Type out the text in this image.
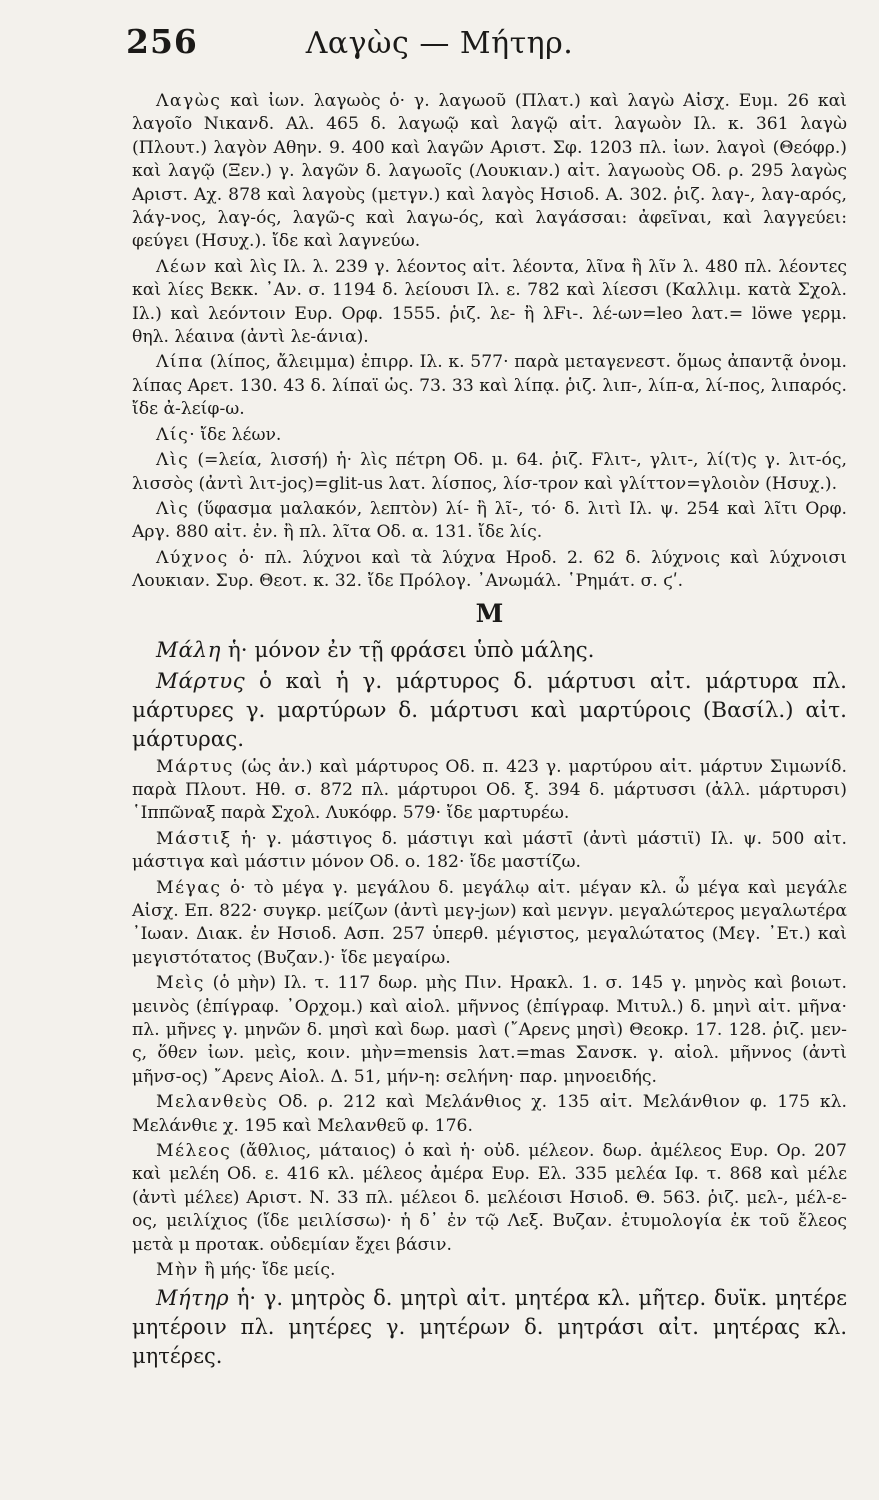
256	Λαγὼς — Μήτηρ.

Λαγὼς καὶ ἰων. λαγωὸς ὁ· γ. λαγωοῦ (Πλατ.) καὶ λαγὼ Αἰσχ. Ευμ. 26 καὶ λαγοῖο Νικανδ. Αλ. 465 δ. λαγωῷ καὶ λαγῷ αἰτ. λαγωὸν Ιλ. κ. 361 λαγὼ (Πλουτ.) λαγὸν Αθην. 9. 400 καὶ λαγῶν Αριστ. Σφ. 1203 πλ. ἰων. λαγοὶ (Θεόφρ.) καὶ λαγῷ (Ξεν.) γ. λαγῶν δ. λαγωοῖς (Λουκιαν.) αἰτ. λαγωοὺς Οδ. ρ. 295 λαγὼς Αριστ. Αχ. 878 καὶ λαγοὺς (μετγν.) καὶ λαγὸς Ησιοδ. Α. 302. ῥιζ. λαγ-, λαγ-αρός, λάγ-νος, λαγ-ός, λαγῶ-ς καὶ λαγω-ός, καὶ λαγάσσαι: ἀφεῖναι, καὶ λαγγεύει: φεύγει (Ησυχ.). ἴδε καὶ λαγνεύω.

Λέων καὶ λὶς Ιλ. λ. 239 γ. λέοντος αἰτ. λέοντα, λῖνα ἢ λῖν λ. 480 πλ. λέοντες καὶ λίες Βεκκ. ᾿Αν. σ. 1194 δ. λείουσι Ιλ. ε. 782 καὶ λίεσσι (Καλλιμ. κατὰ Σχολ. Ιλ.) καὶ λεόντοιν Ευρ. Ορφ. 1555. ῥιζ. λε- ἢ λFι-. λέ-ων=leo λατ.= löwe γερμ. θηλ. λέαινα (ἀντὶ λε-άνια).

Λίπα (λίπος, ἄλειμμα) ἐπιρρ. Ιλ. κ. 577· παρὰ μεταγενεστ. ὅμως ἀπαντᾷ ὀνομ. λίπας Αρετ. 130. 43 δ. λίπαϊ ὡς. 73. 33 καὶ λίπᾳ. ῥιζ. λιπ-, λίπ-α, λί-πος, λιπαρός. ἴδε ἀ-λείφ-ω.

Λίς· ἴδε λέων.

Λὶς (=λεία, λισσή) ἡ· λὶς πέτρη Οδ. μ. 64. ῥιζ. Fλιτ-, γλιτ-, λί(τ)ς γ. λιτ-ός, λισσὸς (ἀντὶ λιτ-jος)=glit-us λατ. λίσπος, λίσ-τρον καὶ γλίττον=γλοιὸν (Ησυχ.).

Λὶς (ὕφασμα μαλακόν, λεπτὸν) λί- ἢ λῖ-, τό· δ. λιτὶ Ιλ. ψ. 254 καὶ λῖτι Ορφ. Αργ. 880 αἰτ. ἐν. ἢ πλ. λῖτα Οδ. α. 131. ἴδε λίς.

Λύχνος ὁ· πλ. λύχνοι καὶ τὰ λύχνα Ηροδ. 2. 62 δ. λύχνοις καὶ λύχνοισι Λουκιαν. Συρ. Θεοτ. κ. 32. ἴδε Πρόλογ. ᾿Ανωμάλ. ῾Ρημάτ. σ. ϛʹ.

Μ

Μάλη ἡ· μόνον ἐν τῇ φράσει ὑπὸ μάλης.

Μάρτυς ὁ καὶ ἡ γ. μάρτυρος δ. μάρτυσι αἰτ. μάρτυρα πλ. μάρτυρες γ. μαρτύρων δ. μάρτυσι καὶ μαρτύροις (Βασίλ.) αἰτ. μάρτυρας.

Μάρτυς (ὡς ἀν.) καὶ μάρτυρος Οδ. π. 423 γ. μαρτύρου αἰτ. μάρτυν Σιμωνίδ. παρὰ Πλουτ. Ηθ. σ. 872 πλ. μάρτυροι Οδ. ξ. 394 δ. μάρτυσσι (ἀλλ. μάρτυρσι) ῾Ιππῶναξ παρὰ Σχολ. Λυκόφρ. 579· ἴδε μαρτυρέω.

Μάστιξ ἡ· γ. μάστιγος δ. μάστιγι καὶ μάστῑ (ἀντὶ μάστιϊ) Ιλ. ψ. 500 αἰτ. μάστιγα καὶ μάστιν μόνον Οδ. ο. 182· ἴδε μαστίζω.

Μέγας ὁ· τὸ μέγα γ. μεγάλου δ. μεγάλῳ αἰτ. μέγαν κλ. ὦ μέγα καὶ μεγάλε Αἰσχ. Επ. 822· συγκρ. μείζων (ἀντὶ μεγ-jων) καὶ μενγν. μεγαλώτερος μεγαλωτέρα ᾿Ιωαν. Διακ. ἐν Ησιοδ. Ασπ. 257 ὑπερθ. μέγιστος, μεγαλώτατος (Μεγ. ᾿Ετ.) καὶ μεγιστότατος (Βυζαν.)· ἴδε μεγαίρω.

Μεὶς (ὁ μὴν) Ιλ. τ. 117 δωρ. μὴς Πιν. Ηρακλ. 1. σ. 145 γ. μηνὸς καὶ βοιωτ. μεινὸς (ἐπίγραφ. ᾿Ορχομ.) καὶ αἰολ. μῆννος (ἐπίγραφ. Μιτυλ.) δ. μηνὶ αἰτ. μῆνα· πλ. μῆνες γ. μηνῶν δ. μησὶ καὶ δωρ. μασὶ (῎Αρενς μησὶ) Θεοκρ. 17. 128. ῥιζ. μεν-ς, ὅθεν ἰων. μεὶς, κοιν. μὴν=mensis λατ.=mas Σανσκ. γ. αἰολ. μῆννος (ἀντὶ μῆνσ-ος) ῎Αρενς Αἰολ. Δ. 51, μήν-η: σελήνη· παρ. μηνοειδής.

Μελανθεὺς Οδ. ρ. 212 καὶ Μελάνθιος χ. 135 αἰτ. Μελάνθιον φ. 175 κλ. Μελάνθιε χ. 195 καὶ Μελανθεῦ φ. 176.

Μέλεος (ἄθλιος, μάταιος) ὁ καὶ ἡ· οὐδ. μέλεον. δωρ. ἀμέλεος Ευρ. Ορ. 207 καὶ μελέη Οδ. ε. 416 κλ. μέλεος ἀμέρα Ευρ. Ελ. 335 μελέα Ιφ. τ. 868 καὶ μέλε (ἀντὶ μέλεε) Αριστ. Ν. 33 πλ. μέλεοι δ. μελέοισι Ησιοδ. Θ. 563. ῥιζ. μελ-, μέλ-ε-ος, μειλίχιος (ἴδε μειλίσσω)· ἡ δ᾿ ἐν τῷ Λεξ. Βυζαν. ἐτυμολογία ἐκ τοῦ ἔλεος μετὰ μ προτακ. οὐδεμίαν ἔχει βάσιν.

Μὴν ἢ μής· ἴδε μείς.

Μήτηρ ἡ· γ. μητρὸς δ. μητρὶ αἰτ. μητέρα κλ. μῆτερ. δυϊκ. μητέρε μητέροιν πλ. μητέρες γ. μητέρων δ. μητράσι αἰτ. μητέρας κλ. μητέρες.
